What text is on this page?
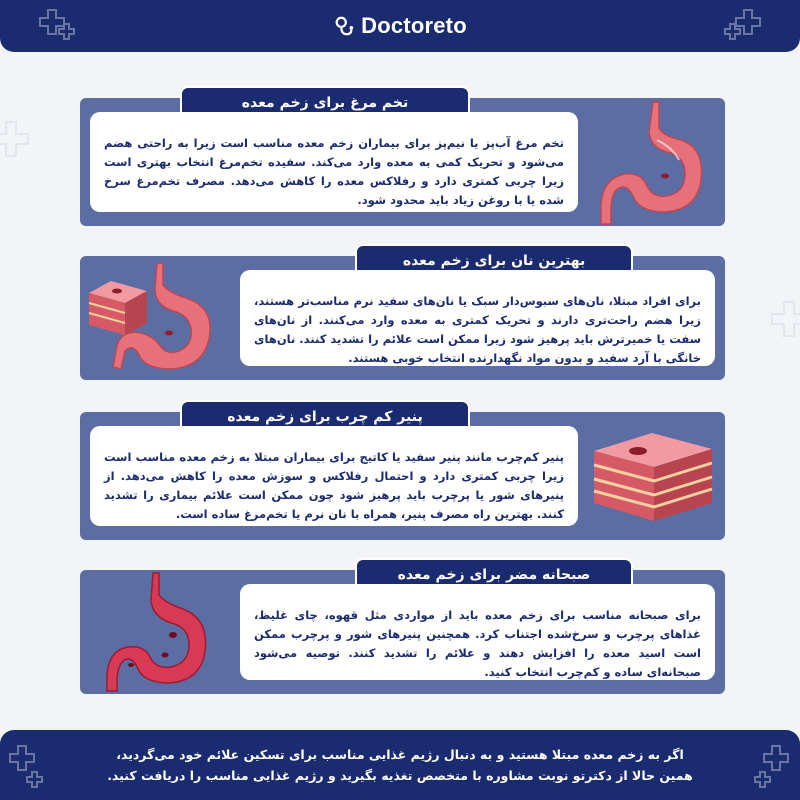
Doctoreto
تخم مرغ برای زخم معده
تخم مرغ آب‌پز یا نیم‌پز برای بیماران زخم معده مناسب است زیرا به راحتی هضم می‌شود و تحریک کمی به معده وارد می‌کند. سفیده تخم‌مرغ انتخاب بهتری است زیرا چربی کمتری دارد و رفلاکس معده را کاهش می‌دهد. مصرف تخم‌مرغ سرخ شده یا با روغن زیاد باید محدود شود.
بهترین نان برای زخم معده
برای افراد مبتلا، نان‌های سبوس‌دار سبک یا نان‌های سفید نرم مناسب‌تر هستند، زیرا هضم راحت‌تری دارند و تحریک کمتری به معده وارد می‌کنند. از نان‌های سفت یا خمیرترش باید پرهیز شود زیرا ممکن است علائم را تشدید کنند. نان‌های خانگی با آرد سفید و بدون مواد نگهدارنده انتخاب خوبی هستند.
پنیر کم چرب برای زخم معده
پنیر کم‌چرب مانند پنیر سفید یا کاتیج برای بیماران مبتلا به زخم معده مناسب است زیرا چربی کمتری دارد و احتمال رفلاکس و سوزش معده را کاهش می‌دهد. از پنیرهای شور یا پرچرب باید پرهیز شود چون ممکن است علائم بیماری را تشدید کنند. بهترین راه مصرف پنیر، همراه با نان نرم یا تخم‌مرغ ساده است.
صبحانه مضر برای زخم معده
برای صبحانه مناسب برای زخم معده باید از مواردی مثل قهوه، چای غلیظ، غذاهای پرچرب و سرخ‌شده اجتناب کرد. همچنین پنیرهای شور و پرچرب ممکن است اسید معده را افزایش دهند و علائم را تشدید کنند. توصیه می‌شود صبحانه‌ای ساده و کم‌چرب انتخاب کنید.
اگر به زخم معده مبتلا هستید و به دنبال رژیم غذایی مناسب برای تسکین علائم خود می‌گردید،
همین حالا از دکترتو نوبت مشاوره با متخصص تغذیه بگیرید و رژیم غذایی مناسب را دریافت کنید.
